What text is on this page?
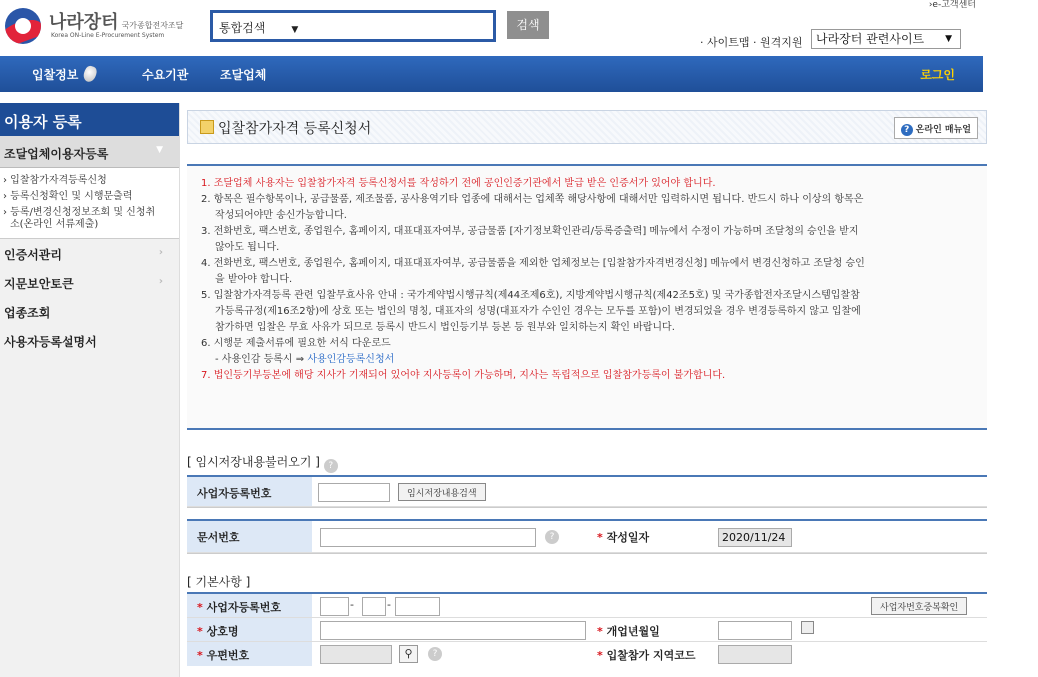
나라장터 국가종합전자조달
Korea ON-Line E-Procurement System
통합검색	▼	검색
›e-고객센터
· 사이트맵 · 원격지원	나라장터 관련사이트 ▼
입찰정보	수요기관	조달업체	로그인
이용자 등록
조달업체이용자등록	▼
› 입찰참가자격등록신청
› 등록신청확인 및 시행문출력
› 등록/변경신청정보조회 및 신청취
소(온라인 서류제출)
인증서관리	›
지문보안토큰	›
업종조회
사용자등록설명서
입찰참가자격 등록신청서	? 온라인 매뉴얼
1. 조달업체 사용자는 입찰참가자격 등록신청서를 작성하기 전에 공인인증기관에서 발급 받은 인증서가 있어야 합니다.
2. 항목은 필수항목이나, 공급물품, 제조물품, 공사용역기타 업종에 대해서는 업체쪽 해당사항에 대해서만 입력하시면 됩니다. 반드시 하나 이상의 항목은
작성되어야만 송신가능합니다.
3. 전화번호, 팩스번호, 종업원수, 홈페이지, 대표대표자여부, 공급물품 [자기정보확인관리/등록증출력] 메뉴에서 수정이 가능하며 조달청의 승인을 받지
않아도 됩니다.
4. 전화번호, 팩스번호, 종업원수, 홈페이지, 대표대표자여부, 공급물품을 제외한 업체정보는 [입찰참가자격변경신청] 메뉴에서 변경신청하고 조달청 승인
을 받아야 합니다.
5. 입찰참가자격등록 관련 입찰무효사유 안내 : 국가계약법시행규칙(제44조제6호), 지방계약법시행규칙(제42조5호) 및 국가종합전자조달시스템입찰참
가등록규정(제16조2항)에 상호 또는 법인의 명칭, 대표자의 성명(대표자가 수인인 경우는 모두를 포함)이 변경되었을 경우 변경등록하지 않고 입찰에
참가하면 입찰은 무효 사유가 되므로 등록시 반드시 법인등기부 등본 등 원부와 일치하는지 확인 바랍니다.
6. 시행문 제출서류에 필요한 서식 다운로드
- 사용인감 등록시 ⇒ 사용인감등록신청서
7. 법인등기부등본에 해당 지사가 기재되어 있어야 지사등록이 가능하며, 지사는 독립적으로 입찰참가등록이 불가합니다.
[ 임시저장내용불러오기 ] ?
사업자등록번호	임시저장내용검색
문서번호	?	* 작성일자	2020/11/24
[ 기본사항 ]
* 사업자등록번호	-	-	사업자번호중복확인
* 상호명	* 개업년월일
* 우편번호	⚲	?	* 입찰참가 지역코드
